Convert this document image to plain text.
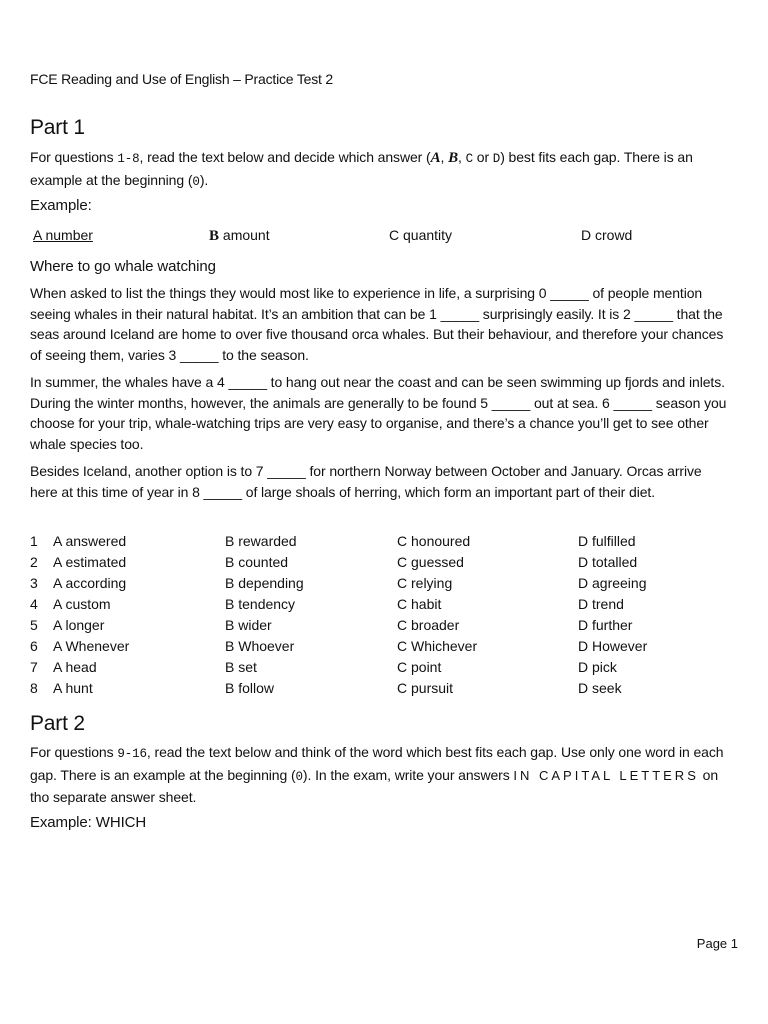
FCE Reading and Use of English – Practice Test 2
Part 1

For questions 1-8, read the text below and decide which answer (A, B, C or D) best fits each gap. There is an example at the beginning (0).

Example:
A number	B amount	C quantity	D crowd
Where to go whale watching

When asked to list the things they would most like to experience in life, a surprising 0 _____ of people mention seeing whales in their natural habitat. It’s an ambition that can be 1 _____ surprisingly easily. It is 2 _____ that the seas around Iceland are home to over five thousand orca whales. But their behaviour, and therefore your chances of seeing them, varies 3 _____ to the season.

In summer, the whales have a 4 _____ to hang out near the coast and can be seen swimming up fjords and inlets. During the winter months, however, the animals are generally to be found 5 _____ out at sea. 6 _____ season you choose for your trip, whale-watching trips are very easy to organise, and there’s a chance you’ll get to see other whale species too.

Besides Iceland, another option is to 7 _____ for northern Norway between October and January. Orcas arrive here at this time of year in 8 _____ of large shoals of herring, which form an important part of their diet.

1 A answered	B rewarded	C honoured	D fulfilled
2 A estimated	B counted	C guessed	D totalled
3 A according	B depending	C relying	D agreeing
4 A custom	B tendency	C habit	D trend
5 A longer	B wider	C broader	D further
6 A Whenever	B Whoever	C Whichever	D However
7 A head	B set	C point	D pick
8 A hunt	B follow	C pursuit	D seek
Part 2

For questions 9-16, read the text below and think of the word which best fits each gap. Use only one word in each gap. There is an example at the beginning (0). In the exam, write your answers IN CAPITAL LETTERS on tho separate answer sheet.

Example: WHICH
Page 1
